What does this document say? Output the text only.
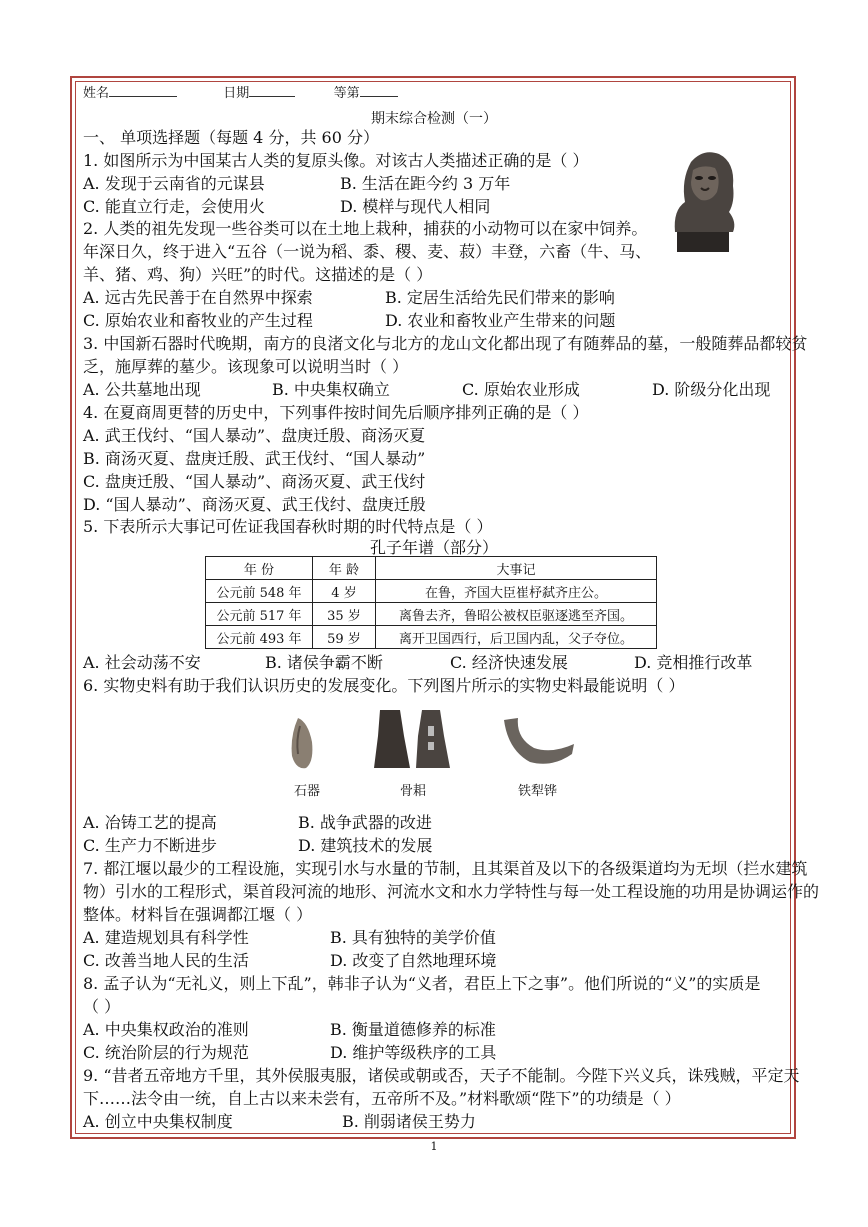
姓名	日期	等第
期末综合检测（一）
一、 单项选择题（每题 4 分，共 60 分）
1. 如图所示为中国某古人类的复原头像。对该古人类描述正确的是（ ）
A. 发现于云南省的元谋县	B. 生活在距今约 3 万年
C. 能直立行走，会使用火	D. 模样与现代人相同
2. 人类的祖先发现一些谷类可以在土地上栽种，捕获的小动物可以在家中饲养。
年深日久，终于进入“五谷（一说为稻、黍、稷、麦、菽）丰登，六畜（牛、马、
羊、猪、鸡、狗）兴旺”的时代。这描述的是（ ）
A. 远古先民善于在自然界中探索	B. 定居生活给先民们带来的影响
C. 原始农业和畜牧业的产生过程	D. 农业和畜牧业产生带来的问题
3. 中国新石器时代晚期，南方的良渚文化与北方的龙山文化都出现了有随葬品的墓，一般随葬品都较贫
乏，施厚葬的墓少。该现象可以说明当时（ ）
A. 公共墓地出现	B. 中央集权确立	C. 原始农业形成	D. 阶级分化出现
4. 在夏商周更替的历史中，下列事件按时间先后顺序排列正确的是（ ）
A. 武王伐纣、“国人暴动”、盘庚迁殷、商汤灭夏
B. 商汤灭夏、盘庚迁殷、武王伐纣、“国人暴动”
C. 盘庚迁殷、“国人暴动”、商汤灭夏、武王伐纣
D. “国人暴动”、商汤灭夏、武王伐纣、盘庚迁殷
5. 下表所示大事记可佐证我国春秋时期的时代特点是（ ）
孔子年谱（部分）
年 份	年 龄	大事记
公元前 548 年	4 岁	在鲁，齐国大臣崔杼弑齐庄公。
公元前 517 年	35 岁	离鲁去齐，鲁昭公被权臣驱逐逃至齐国。
公元前 493 年	59 岁	离开卫国西行，后卫国内乱，父子夺位。
A. 社会动荡不安	B. 诸侯争霸不断	C. 经济快速发展	D. 竞相推行改革
6. 实物史料有助于我们认识历史的发展变化。下列图片所示的实物史料最能说明（ ）
石器	骨耜	铁犁铧
A. 冶铸工艺的提高	B. 战争武器的改进
C. 生产力不断进步	D. 建筑技术的发展
7. 都江堰以最少的工程设施，实现引水与水量的节制，且其渠首及以下的各级渠道均为无坝（拦水建筑
物）引水的工程形式，渠首段河流的地形、河流水文和水力学特性与每一处工程设施的功用是协调运作的
整体。材料旨在强调都江堰（ ）
A. 建造规划具有科学性	B. 具有独特的美学价值
C. 改善当地人民的生活	D. 改变了自然地理环境
8. 孟子认为“无礼义，则上下乱”，韩非子认为“义者，君臣上下之事”。他们所说的“义”的实质是
（ ）
A. 中央集权政治的准则	B. 衡量道德修养的标准
C. 统治阶层的行为规范	D. 维护等级秩序的工具
9. “昔者五帝地方千里，其外侯服夷服，诸侯或朝或否，天子不能制。今陛下兴义兵，诛残贼，平定天
下……法令由一统，自上古以来未尝有，五帝所不及。”材料歌颂“陛下”的功绩是（ ）
A. 创立中央集权制度	B. 削弱诸侯王势力
1
